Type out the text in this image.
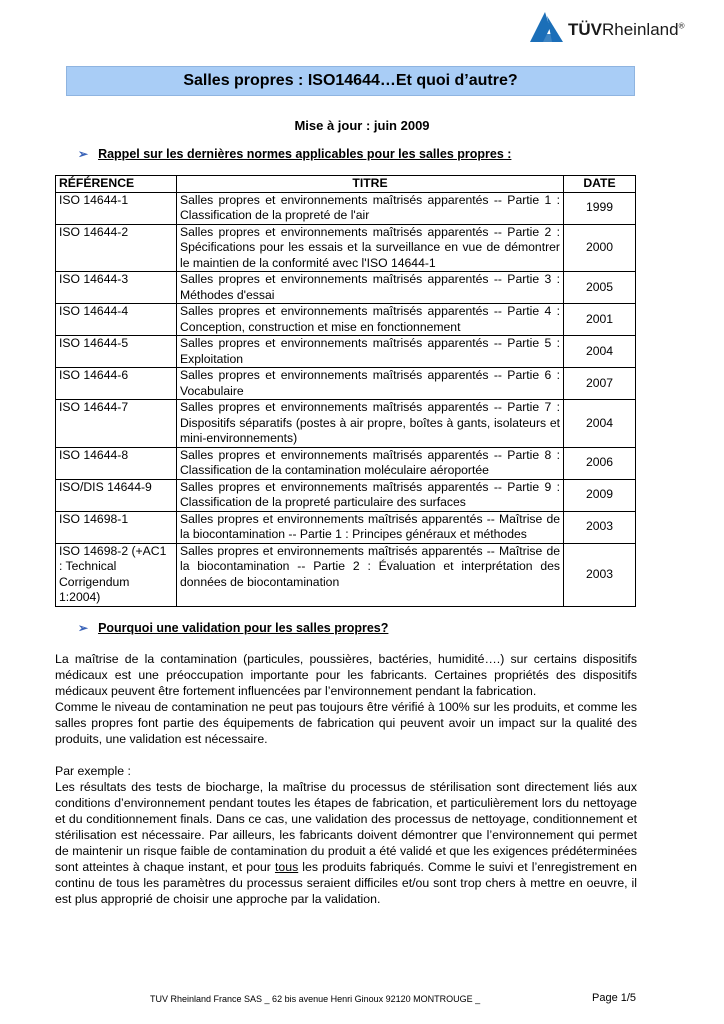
TÜVRheinland®
Salles propres : ISO14644…Et quoi d’autre?
Mise à jour : juin 2009
➢ Rappel sur les dernières normes applicables pour les salles propres :
RÉFÉRENCE	TITRE	DATE
ISO 14644-1	Salles propres et environnements maîtrisés apparentés -- Partie 1 : Classification de la propreté de l'air	1999
ISO 14644-2	Salles propres et environnements maîtrisés apparentés -- Partie 2 : Spécifications pour les essais et la surveillance en vue de démontrer le maintien de la conformité avec l'ISO 14644-1	2000
ISO 14644-3	Salles propres et environnements maîtrisés apparentés -- Partie 3 : Méthodes d'essai	2005
ISO 14644-4	Salles propres et environnements maîtrisés apparentés -- Partie 4 : Conception, construction et mise en fonctionnement	2001
ISO 14644-5	Salles propres et environnements maîtrisés apparentés -- Partie 5 : Exploitation	2004
ISO 14644-6	Salles propres et environnements maîtrisés apparentés -- Partie 6 : Vocabulaire	2007
ISO 14644-7	Salles propres et environnements maîtrisés apparentés -- Partie 7 : Dispositifs séparatifs (postes à air propre, boîtes à gants, isolateurs et mini-environnements)	2004
ISO 14644-8	Salles propres et environnements maîtrisés apparentés -- Partie 8 : Classification de la contamination moléculaire aéroportée	2006
ISO/DIS 14644-9	Salles propres et environnements maîtrisés apparentés -- Partie 9 : Classification de la propreté particulaire des surfaces	2009
ISO 14698-1	Salles propres et environnements maîtrisés apparentés -- Maîtrise de la biocontamination -- Partie 1 : Principes généraux et méthodes	2003
ISO 14698-2 (+AC1 : Technical Corrigendum 1:2004)	Salles propres et environnements maîtrisés apparentés -- Maîtrise de la biocontamination -- Partie 2 : Évaluation et interprétation des données de biocontamination	2003
➢ Pourquoi une validation pour les salles propres?

La maîtrise de la contamination (particules, poussières, bactéries, humidité….) sur certains dispositifs médicaux est une préoccupation importante pour les fabricants. Certaines propriétés des dispositifs médicaux peuvent être fortement influencées par l’environnement pendant la fabrication.

Comme le niveau de contamination ne peut pas toujours être vérifié à 100% sur les produits, et comme les salles propres font partie des équipements de fabrication qui peuvent avoir un impact sur la qualité des produits, une validation est nécessaire.

Par exemple :

Les résultats des tests de biocharge, la maîtrise du processus de stérilisation sont directement liés aux conditions d’environnement pendant toutes les étapes de fabrication, et particulièrement lors du nettoyage et du conditionnement finals. Dans ce cas, une validation des processus de nettoyage, conditionnement et stérilisation est nécessaire. Par ailleurs, les fabricants doivent démontrer que l’environnement qui permet de maintenir un risque faible de contamination du produit a été validé et que les exigences prédéterminées sont atteintes à chaque instant, et pour tous les produits fabriqués. Comme le suivi et l’enregistrement en continu de tous les paramètres du processus seraient difficiles et/ou sont trop chers à mettre en oeuvre, il est plus approprié de choisir une approche par la validation.

TUV Rheinland France SAS _ 62 bis avenue Henri Ginoux 92120 MONTROUGE _	Page 1/5
